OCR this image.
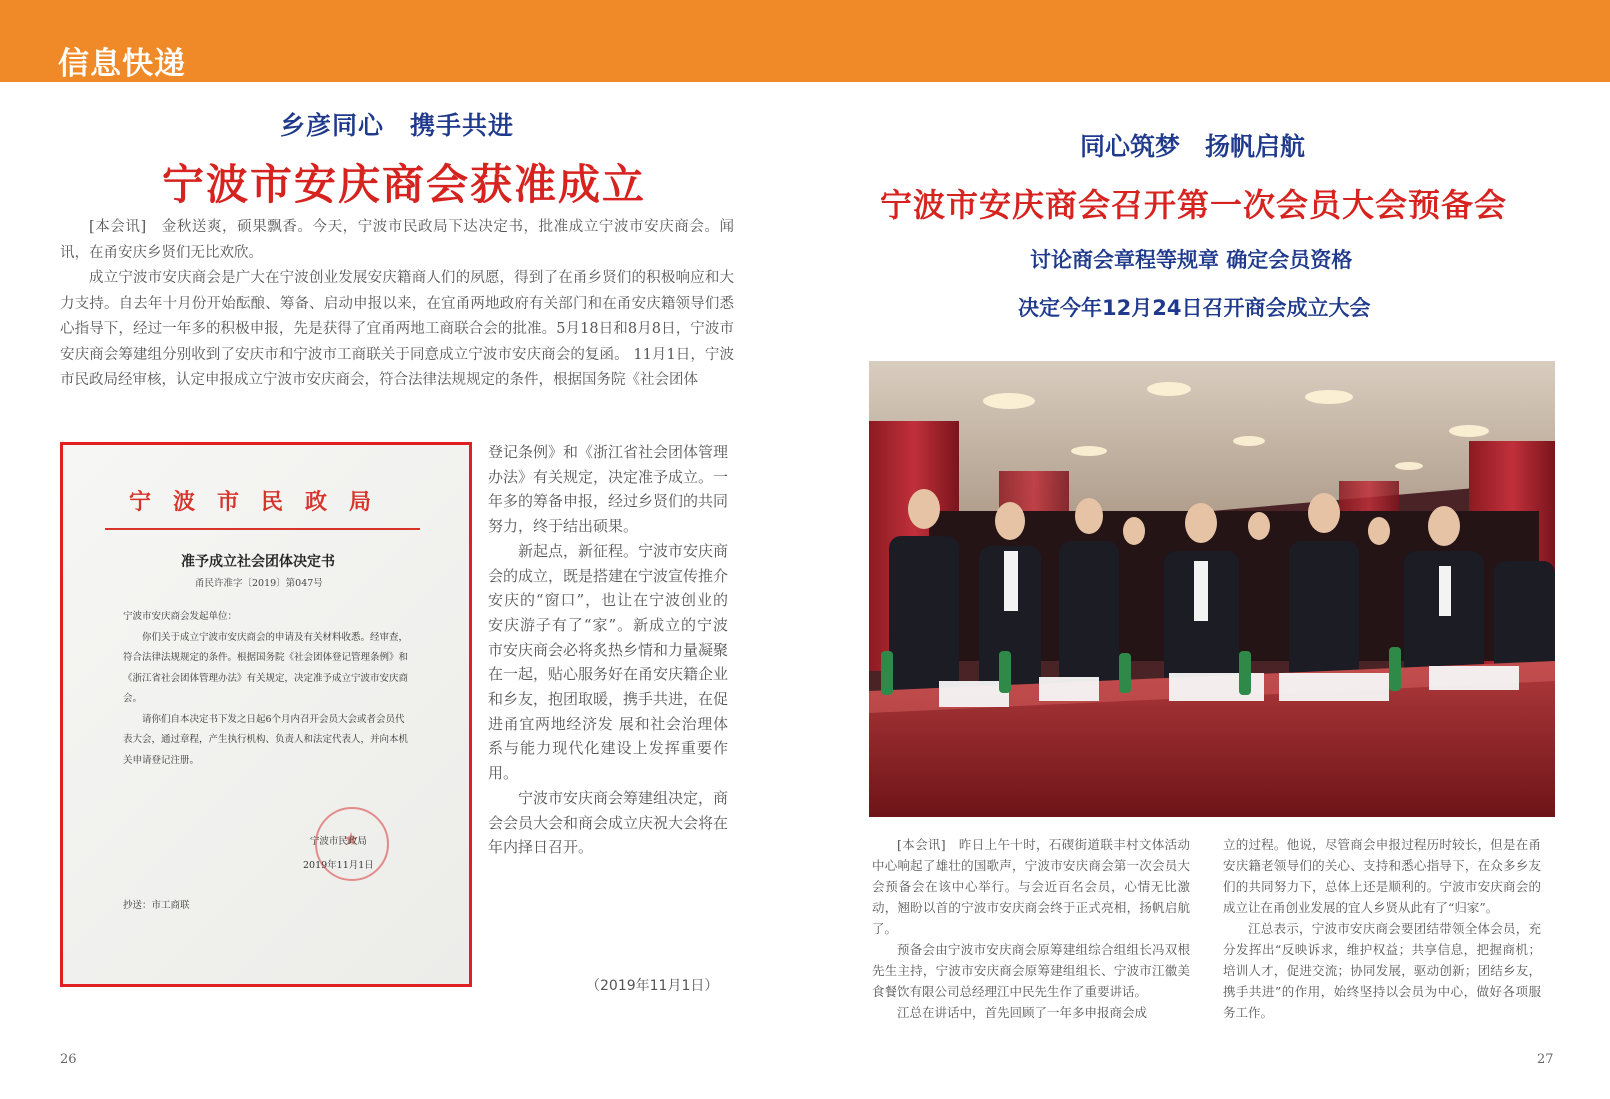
信息快递
乡彦同心　携手共进
宁波市安庆商会获准成立

[本会讯]　金秋送爽，硕果飘香。今天，宁波市民政局下达决定书，批准成立宁波市安庆商会。闻讯，在甬安庆乡贤们无比欢欣。

成立宁波市安庆商会是广大在宁波创业发展安庆籍商人们的夙愿，得到了在甬乡贤们的积极响应和大力支持。自去年十月份开始酝酿、筹备、启动申报以来，在宜甬两地政府有关部门和在甬安庆籍领导们悉心指导下，经过一年多的积极申报，先是获得了宜甬两地工商联合会的批准。5月18日和8月8日，宁波市安庆商会筹建组分别收到了安庆市和宁波市工商联关于同意成立宁波市安庆商会的复函。 11月1日，宁波市民政局经审核，认定申报成立宁波市安庆商会，符合法律法规规定的条件，根据国务院《社会团体

宁波市民政局
准予成立社会团体决定书
甬民许准字〔2019〕第047号

宁波市安庆商会发起单位：

你们关于成立宁波市安庆商会的申请及有关材料收悉。经审查，符合法律法规规定的条件。根据国务院《社会团体登记管理条例》和《浙江省社会团体管理办法》有关规定，决定准予成立宁波市安庆商会。

请你们自本决定书下发之日起6个月内召开会员大会或者会员代表大会，通过章程，产生执行机构、负责人和法定代表人，并向本机关申请登记注册。

★
宁波市民政局
2019年11月1日
抄送：市工商联

登记条例》和《浙江省社会团体管理办法》有关规定，决定准予成立。一年多的筹备申报，经过乡贤们的共同努力，终于结出硕果。

新起点，新征程。宁波市安庆商会的成立，既是搭建在宁波宣传推介安庆的“窗口”，也让在宁波创业的安庆游子有了“家”。新成立的宁波市安庆商会必将炙热乡情和力量凝聚在一起，贴心服务好在甬安庆籍企业和乡友，抱团取暖，携手共进，在促进甬宜两地经济发 展和社会治理体系与能力现代化建设上发挥重要作用。

宁波市安庆商会筹建组决定，商会会员大会和商会成立庆祝大会将在年内择日召开。

（2019年11月1日）
同心筑梦　扬帆启航
宁波市安庆商会召开第一次会员大会预备会
讨论商会章程等规章 确定会员资格
决定今年12月24日召开商会成立大会

[本会讯]　昨日上午十时，石碶街道联丰村文体活动中心响起了雄壮的国歌声，宁波市安庆商会第一次会员大会预备会在该中心举行。与会近百名会员，心情无比激动，翘盼以首的宁波市安庆商会终于正式亮相，扬帆启航了。

预备会由宁波市安庆商会原筹建组综合组组长冯双根先生主持，宁波市安庆商会原筹建组组长、宁波市江徽美食餐饮有限公司总经理江中民先生作了重要讲话。

江总在讲话中，首先回顾了一年多申报商会成

立的过程。他说，尽管商会申报过程历时较长，但是在甬安庆籍老领导们的关心、支持和悉心指导下，在众多乡友们的共同努力下，总体上还是顺利的。宁波市安庆商会的成立让在甬创业发展的宜人乡贤从此有了“归家”。

江总表示，宁波市安庆商会要团结带领全体会员，充分发挥出“反映诉求，维护权益；共享信息，把握商机；培训人才，促进交流；协同发展，驱动创新；团结乡友，携手共进”的作用，始终坚持以会员为中心，做好各项服务工作。

26	27
